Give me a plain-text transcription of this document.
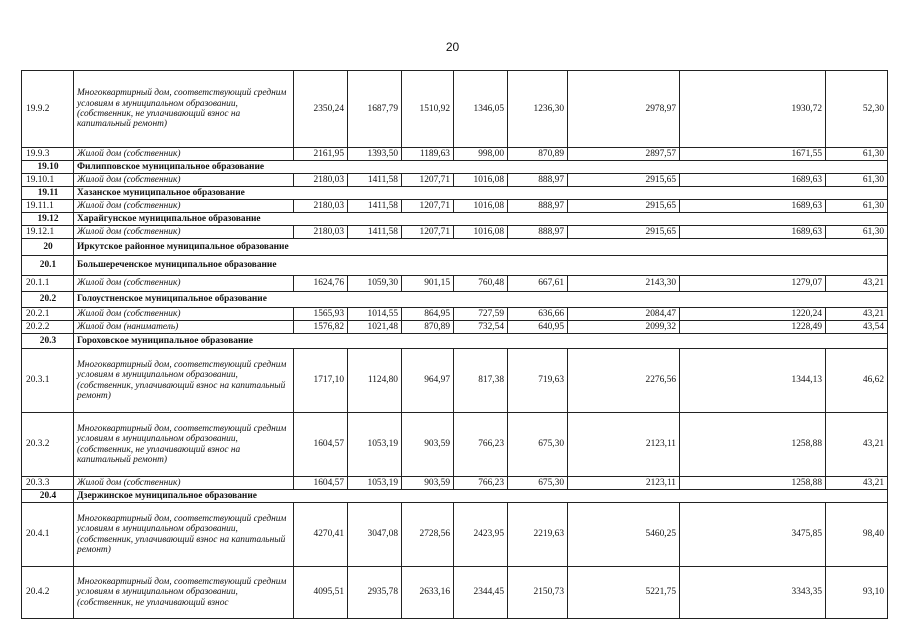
20
19.9.2	Многоквартирный дом, соответствующий средним условиям в муниципальном образовании, (собственник, не уплачивающий взнос на капитальный ремонт)	2350,24	1687,79	1510,92	1346,05	1236,30	2978,97	1930,72	52,30
19.9.3	Жилой дом (собственник)	2161,95	1393,50	1189,63	998,00	870,89	2897,57	1671,55	61,30
19.10	Филипповское муниципальное образование								
19.10.1	Жилой дом (собственник)	2180,03	1411,58	1207,71	1016,08	888,97	2915,65	1689,63	61,30
19.11	Хазанское муниципальное образование								
19.11.1	Жилой дом (собственник)	2180,03	1411,58	1207,71	1016,08	888,97	2915,65	1689,63	61,30
19.12	Харайгунское муниципальное образование								
19.12.1	Жилой дом (собственник)	2180,03	1411,58	1207,71	1016,08	888,97	2915,65	1689,63	61,30
20	Иркутское районное муниципальное образование								
20.1	Большереченское муниципальное образование								
20.1.1	Жилой дом (собственник)	1624,76	1059,30	901,15	760,48	667,61	2143,30	1279,07	43,21
20.2	Голоустненское муниципальное образование								
20.2.1	Жилой дом (собственник)	1565,93	1014,55	864,95	727,59	636,66	2084,47	1220,24	43,21
20.2.2	Жилой дом (наниматель)	1576,82	1021,48	870,89	732,54	640,95	2099,32	1228,49	43,54
20.3	Гороховское муниципальное образование								
20.3.1	Многоквартирный дом, соответствующий средним условиям в муниципальном образовании, (собственник, уплачивающий взнос на капитальный ремонт)	1717,10	1124,80	964,97	817,38	719,63	2276,56	1344,13	46,62
20.3.2	Многоквартирный дом, соответствующий средним условиям в муниципальном образовании, (собственник, не уплачивающий взнос на капитальный ремонт)	1604,57	1053,19	903,59	766,23	675,30	2123,11	1258,88	43,21
20.3.3	Жилой дом (собственник)	1604,57	1053,19	903,59	766,23	675,30	2123,11	1258,88	43,21
20.4	Дзержинское муниципальное образование								
20.4.1	Многоквартирный дом, соответствующий средним условиям в муниципальном образовании, (собственник, уплачивающий взнос на капитальный ремонт)	4270,41	3047,08	2728,56	2423,95	2219,63	5460,25	3475,85	98,40
20.4.2	Многоквартирный дом, соответствующий средним условиям в муниципальном образовании, (собственник, не уплачивающий взнос	4095,51	2935,78	2633,16	2344,45	2150,73	5221,75	3343,35	93,10
